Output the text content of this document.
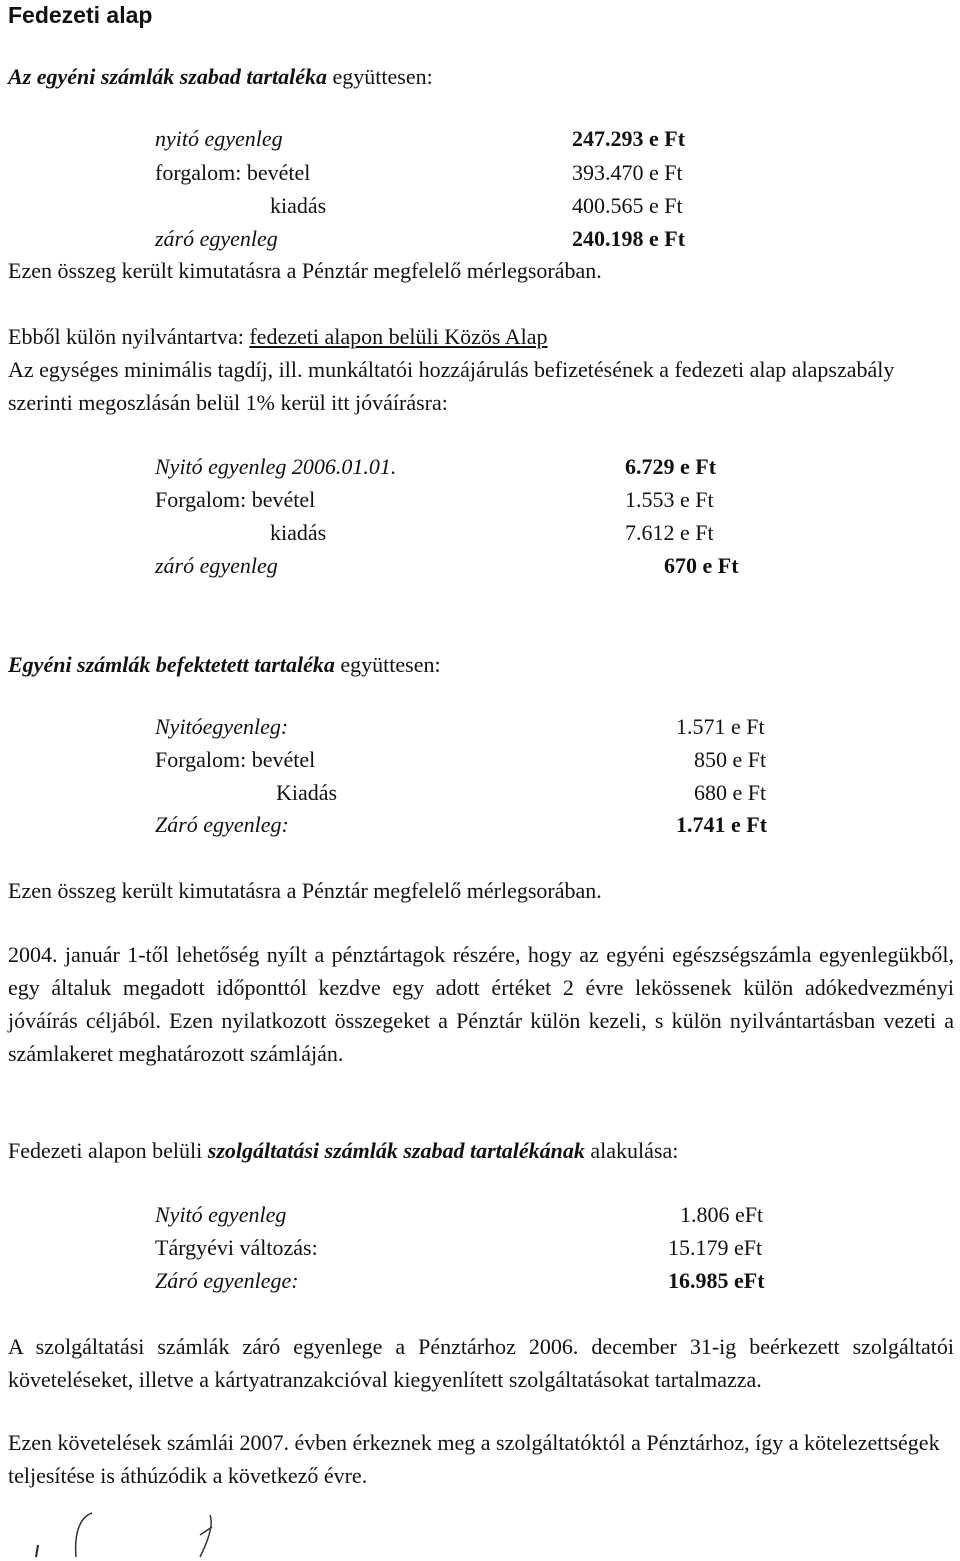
Fedezeti alap
Az egyéni számlák szabad tartaléka együttesen:
nyitó egyenleg	247.293 e Ft
forgalom: bevétel	393.470 e Ft
kiadás	400.565 e Ft
záró egyenleg	240.198 e Ft
Ezen összeg került kimutatásra a Pénztár megfelelő mérlegsorában.
Ebből külön nyilvántartva: fedezeti alapon belüli Közös Alap
Az egységes minimális tagdíj, ill. munkáltatói hozzájárulás befizetésének a fedezeti alap alapszabály szerinti megoszlásán belül 1% kerül itt jóváírásra:
Nyitó egyenleg 2006.01.01.	6.729 e Ft
Forgalom: bevétel	1.553 e Ft
kiadás	7.612 e Ft
záró egyenleg	670 e Ft
Egyéni számlák befektetett tartaléka együttesen:
Nyitóegyenleg:	1.571 e Ft
Forgalom: bevétel	850 e Ft
Kiadás	680 e Ft
Záró egyenleg:	1.741 e Ft
Ezen összeg került kimutatásra a Pénztár megfelelő mérlegsorában.
2004. január 1-től lehetőség nyílt a pénztártagok részére, hogy az egyéni egészségszámla egyenlegükből, egy általuk megadott időponttól kezdve egy adott értéket 2 évre lekössenek külön adókedvezményi jóváírás céljából. Ezen nyilatkozott összegeket a Pénztár külön kezeli, s külön nyilvántartásban vezeti a számlakeret meghatározott számláján.
Fedezeti alapon belüli szolgáltatási számlák szabad tartalékának alakulása:
Nyitó egyenleg	1.806 eFt
Tárgyévi változás:	15.179 eFt
Záró egyenlege:	16.985 eFt
A szolgáltatási számlák záró egyenlege a Pénztárhoz 2006. december 31-ig beérkezett szolgáltatói követeléseket, illetve a kártyatranzakcióval kiegyenlített szolgáltatásokat tartalmazza.
Ezen követelések számlái 2007. évben érkeznek meg a szolgáltatóktól a Pénztárhoz, így a kötelezettségek teljesítése is áthúzódik a következő évre.
